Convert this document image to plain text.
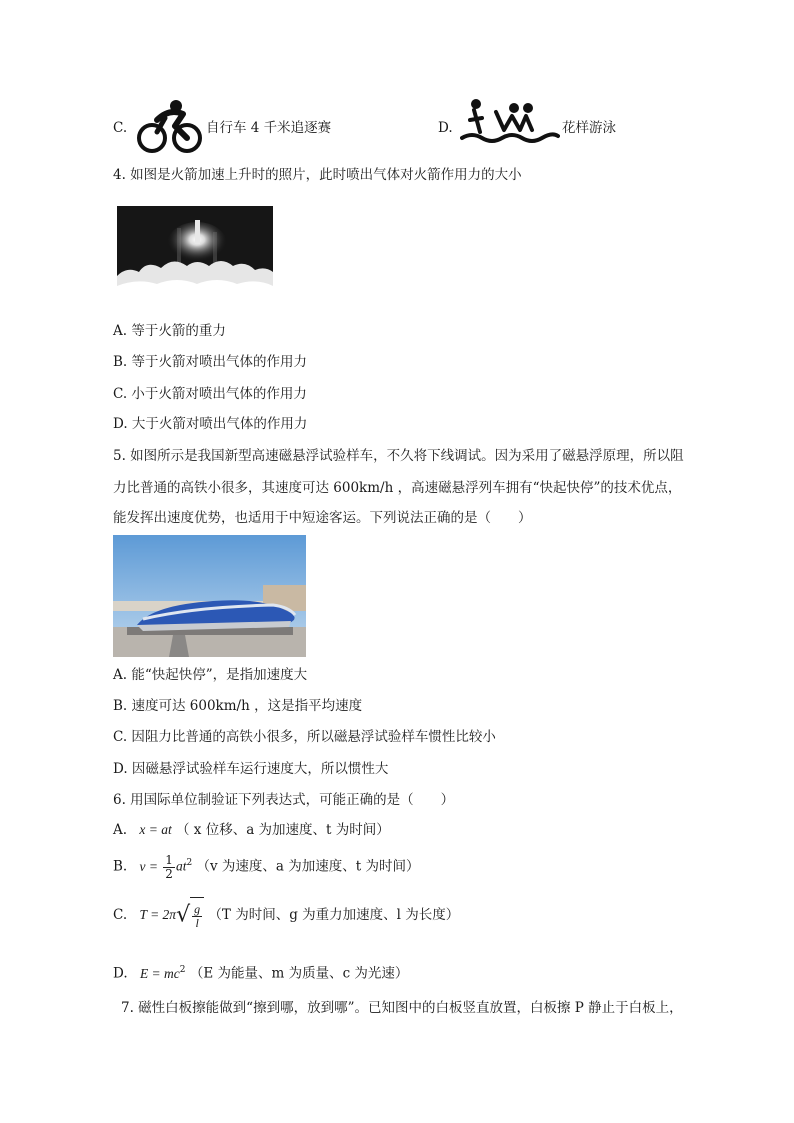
C.	自行车 4 千米追逐赛	D.	花样游泳
4. 如图是火箭加速上升时的照片，此时喷出气体对火箭作用力的大小
A. 等于火箭的重力
B. 等于火箭对喷出气体的作用力
C. 小于火箭对喷出气体的作用力
D. 大于火箭对喷出气体的作用力
5. 如图所示是我国新型高速磁悬浮试验样车，不久将下线调试。因为采用了磁悬浮原理，所以阻
力比普通的高铁小很多，其速度可达 600km/h ，高速磁悬浮列车拥有“快起快停”的技术优点，
能发挥出速度优势，也适用于中短途客运。下列说法正确的是（　　）
A. 能“快起快停”，是指加速度大
B. 速度可达 600km/h ，这是指平均速度
C. 因阻力比普通的高铁小很多，所以磁悬浮试验样车惯性比较小
D. 因磁悬浮试验样车运行速度大，所以惯性大
6. 用国际单位制验证下列表达式，可能正确的是（　　）
A. x = at （ x 位移、a 为加速度、t 为时间）
B. $v = \frac{1}{2} at^2$ （v 为速度、a 为加速度、t 为时间）
C. $T = 2\pi√ \frac{g}{l} (T$ 为时间、g 为重力加速度、l 为长度）
D. $E = mc^2$ （E 为能量、m 为质量、c 为光速）
7. 磁性白板擦能做到“擦到哪，放到哪”。已知图中的白板竖直放置，白板擦 P 静止于白板上，
